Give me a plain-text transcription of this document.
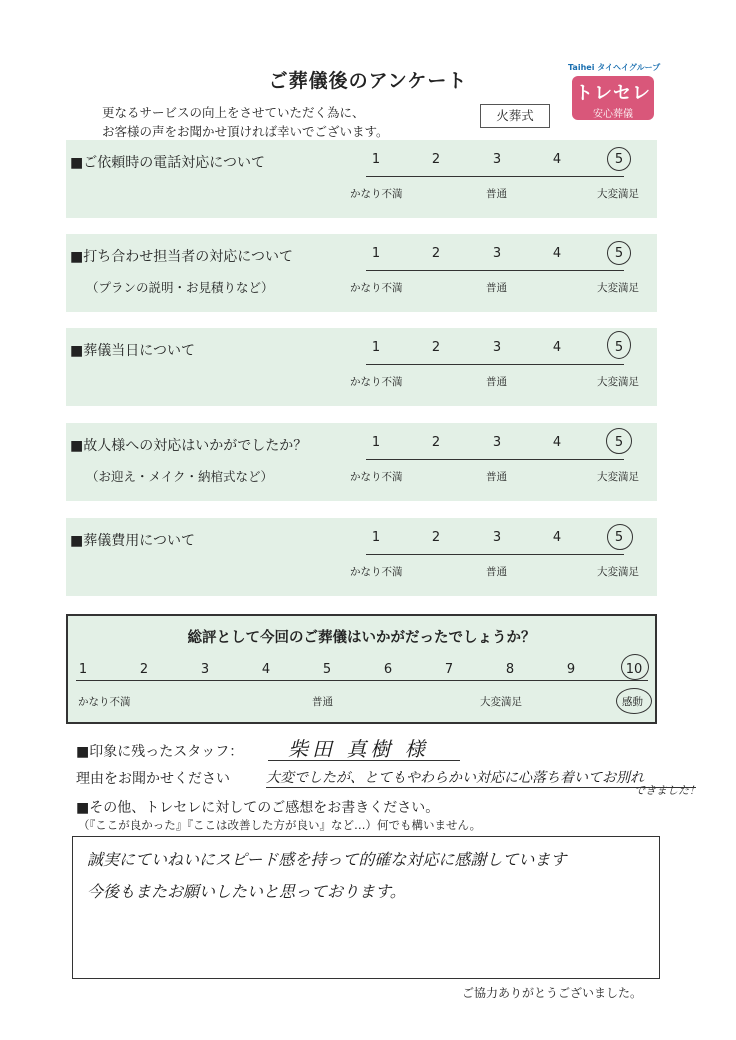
ご葬儀後のアンケート
更なるサービスの向上をさせていただく為に、
お客様の声をお聞かせ頂ければ幸いでございます。
火葬式
Taihei タイヘイグループ
トレセレ
安心葬儀
■ご依頼時の電話対応について	1	2	3	4	5
かなり不満	普通	大変満足
■打ち合わせ担当者の対応について
（プランの説明・お見積りなど）
1	2	3	4	5
かなり不満	普通	大変満足
■葬儀当日について	1	2	3	4	5
かなり不満	普通	大変満足
■故人様への対応はいかがでしたか？
（お迎え・メイク・納棺式など）
1	2	3	4	5
かなり不満	普通	大変満足
■葬儀費用について	1	2	3	4	5
かなり不満	普通	大変満足
総評として今回のご葬儀はいかがだったでしょうか？
1	2	3	4	5	6	7	8	9	10
かなり不満	普通	大変満足	感動
■印象に残ったスタッフ： 柴田 真樹 様
理由をお聞かせください	大変でしたが、とてもやわらかい対応に心落ち着いてお別れ
できました！
■その他、トレセレに対してのご感想をお書きください。
（『ここが良かった』『ここは改善した方が良い』など…）何でも構いません。
誠実にていねいにスピード感を持って的確な対応に感謝しています
今後もまたお願いしたいと思っております。
ご協力ありがとうございました。
